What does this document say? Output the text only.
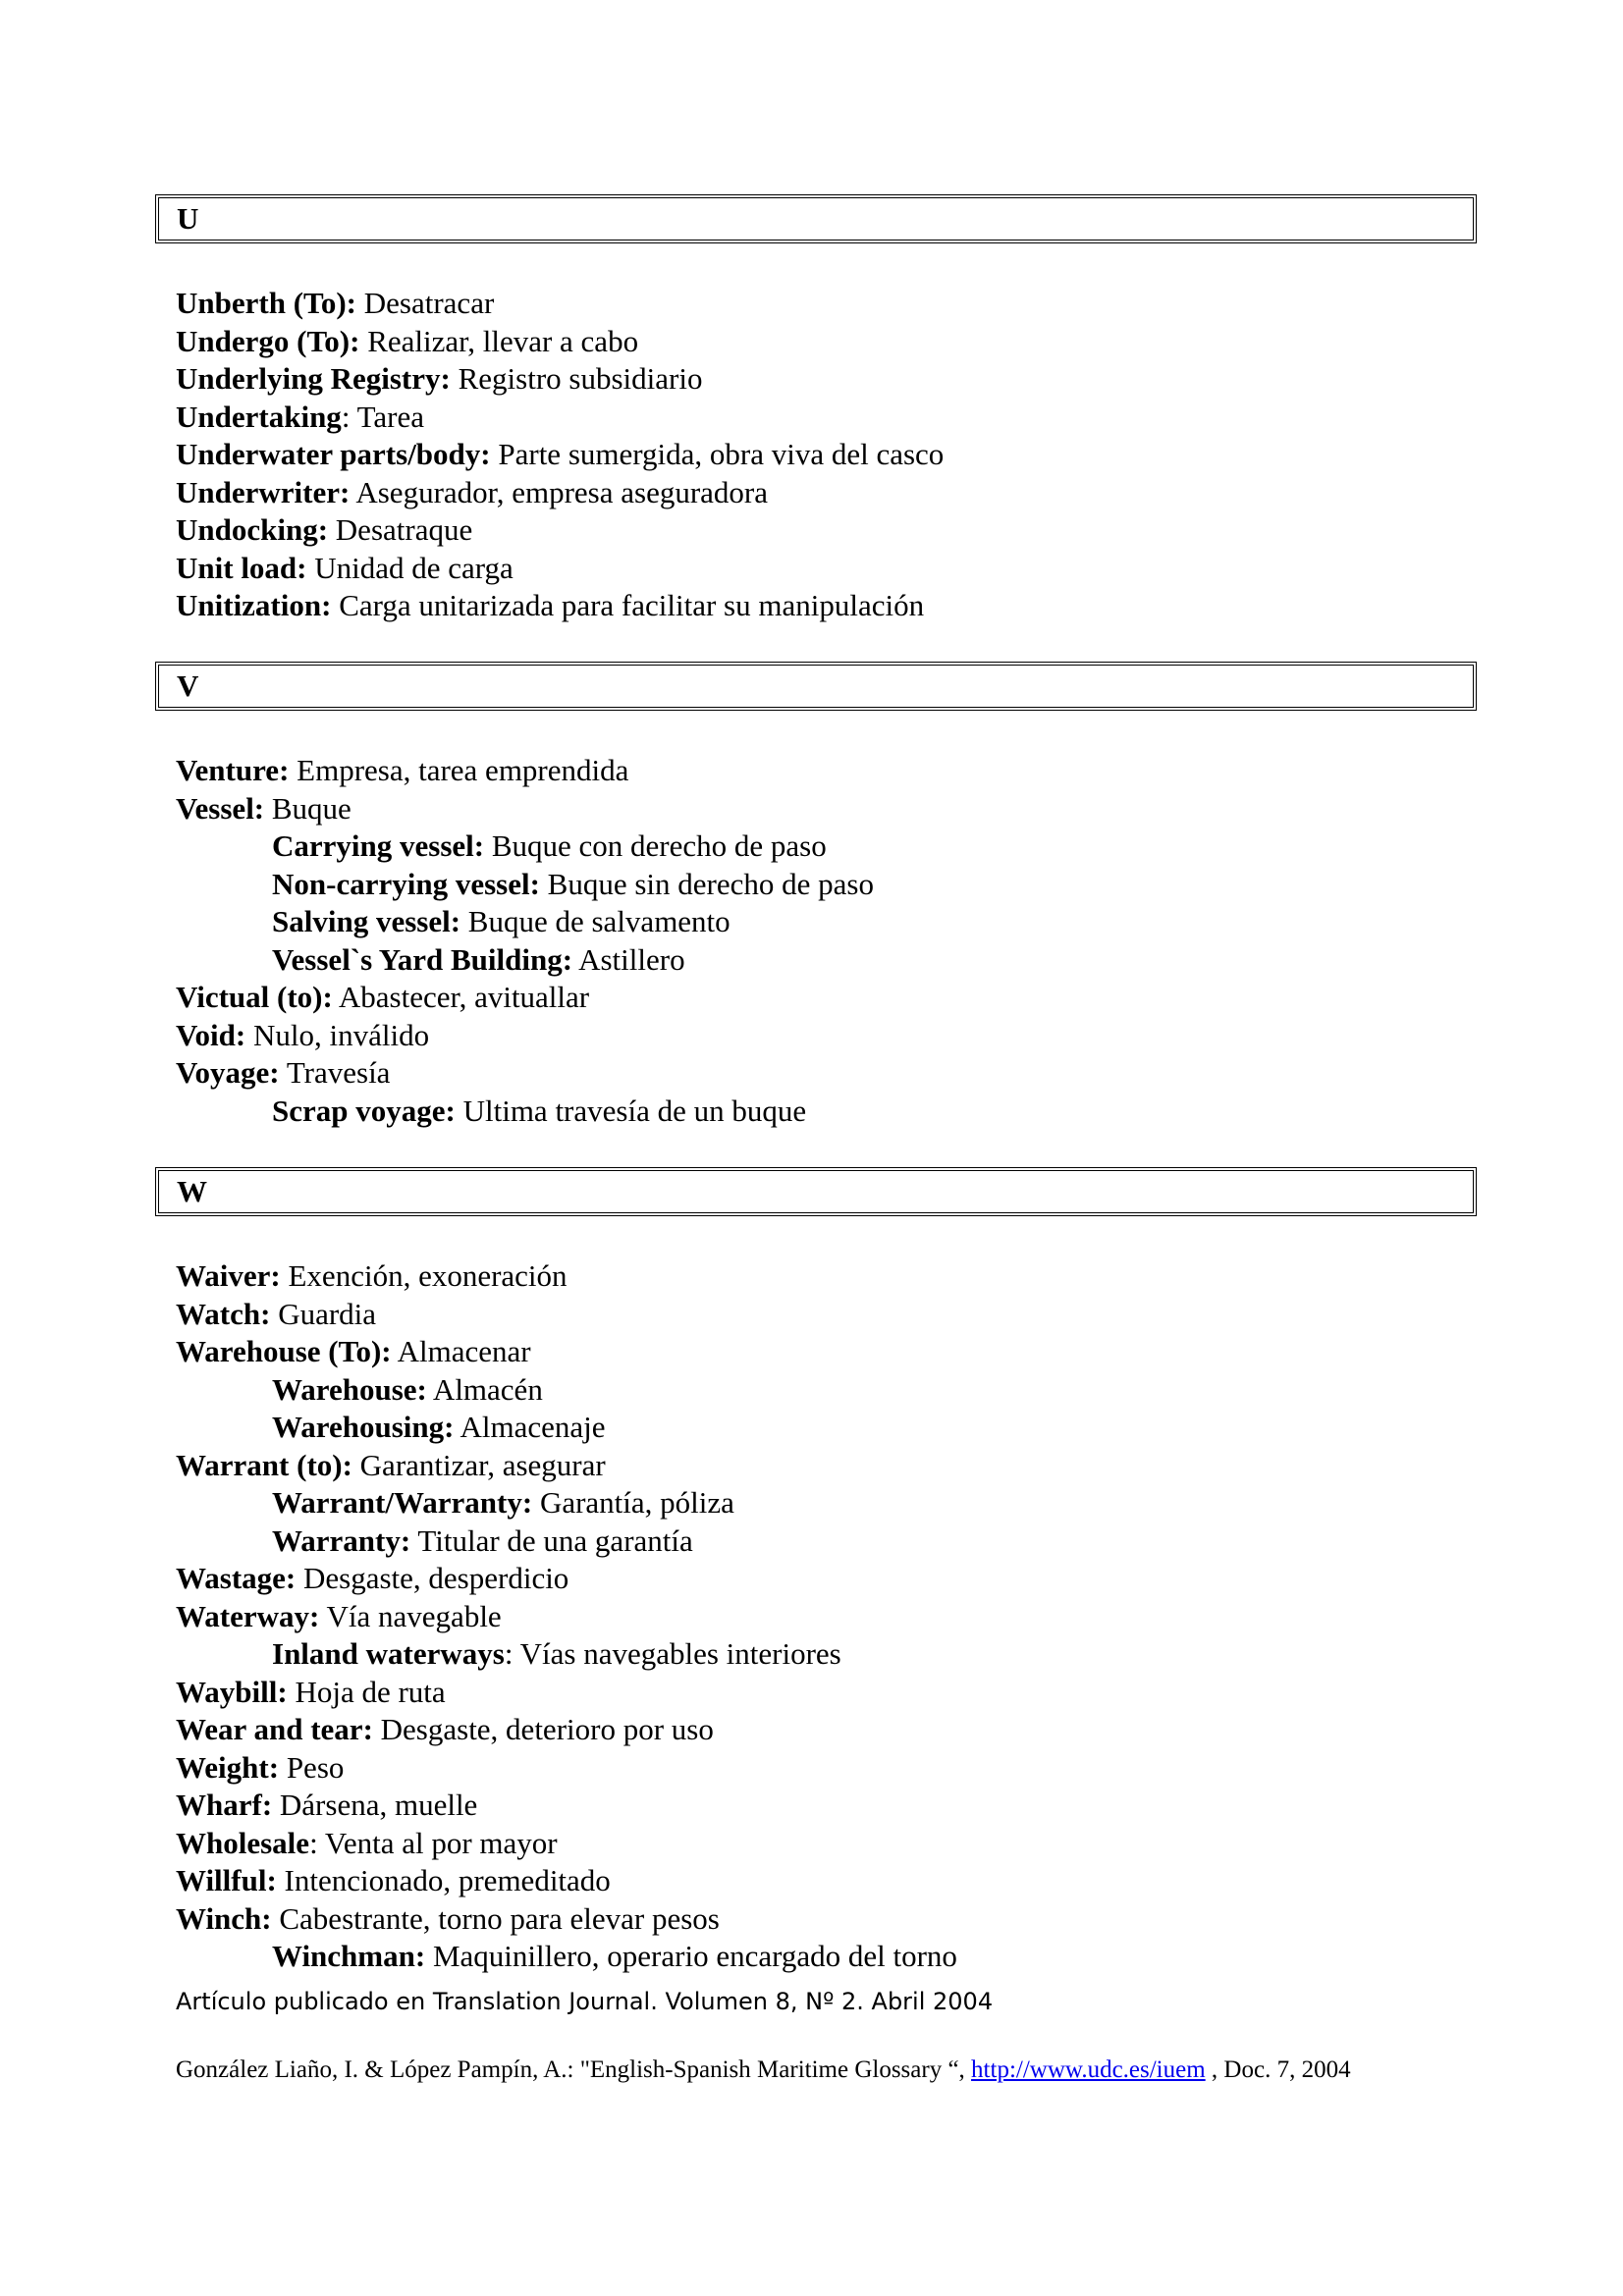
U
Unberth (To): Desatracar
Undergo (To): Realizar, llevar a cabo
Underlying Registry: Registro subsidiario
Undertaking: Tarea
Underwater parts/body: Parte sumergida, obra viva del casco
Underwriter: Asegurador, empresa aseguradora
Undocking: Desatraque
Unit load: Unidad de carga
Unitization: Carga unitarizada para facilitar su manipulación
V
Venture: Empresa, tarea emprendida
Vessel: Buque
Carrying vessel: Buque con derecho de paso
Non-carrying vessel: Buque sin derecho de paso
Salving vessel: Buque de salvamento
Vessel`s Yard Building: Astillero
Victual (to): Abastecer, avituallar
Void: Nulo, inválido
Voyage: Travesía
Scrap voyage: Ultima travesía de un buque
W
Waiver: Exención, exoneración
Watch: Guardia
Warehouse (To): Almacenar
Warehouse: Almacén
Warehousing: Almacenaje
Warrant (to): Garantizar, asegurar
Warrant/Warranty: Garantía, póliza
Warranty: Titular de una garantía
Wastage: Desgaste, desperdicio
Waterway: Vía navegable
Inland waterways: Vías navegables interiores
Waybill: Hoja de ruta
Wear and tear: Desgaste, deterioro por uso
Weight: Peso
Wharf: Dársena, muelle
Wholesale: Venta al por mayor
Willful: Intencionado, premeditado
Winch: Cabestrante, torno para elevar pesos
Winchman: Maquinillero, operario encargado del torno
Artículo publicado en Translation Journal. Volumen 8, Nº 2. Abril 2004
González Liaño, I. & López Pampín, A.: "English-Spanish Maritime Glossary “, http://www.udc.es/iuem , Doc. 7, 2004
